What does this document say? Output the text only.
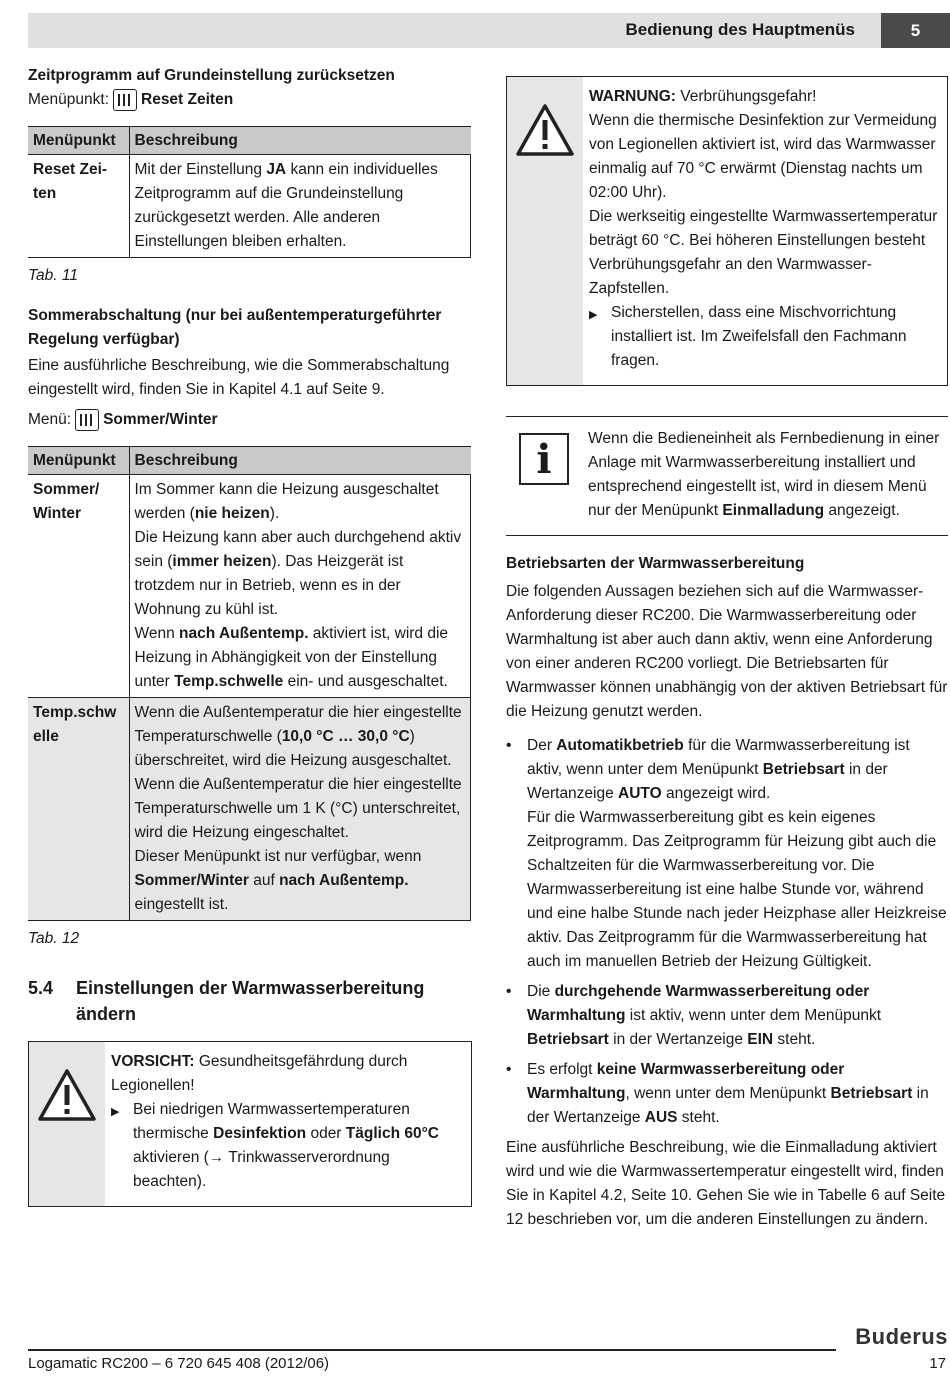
Bedienung des Hauptmenüs	5
Zeitprogramm auf Grundeinstellung zurücksetzen
Menüpunkt: Reset Zeiten
Menüpunkt	Beschreibung
Reset Zei-ten	Mit der Einstellung JA kann ein individuelles Zeitprogramm auf die Grundeinstellung zurückgesetzt werden. Alle anderen Einstellungen bleiben erhalten.
Tab. 11
Sommerabschaltung (nur bei außentemperaturgeführter Regelung verfügbar)
Eine ausführliche Beschreibung, wie die Sommerabschaltung eingestellt wird, finden Sie in Kapitel 4.1 auf Seite 9.
Menü: Sommer/Winter
Menüpunkt	Beschreibung
Sommer/ Winter	Im Sommer kann die Heizung ausgeschaltet werden (nie heizen).
Die Heizung kann aber auch durchgehend aktiv sein (immer heizen). Das Heizgerät ist trotzdem nur in Betrieb, wenn es in der Wohnung zu kühl ist.
Wenn nach Außentemp. aktiviert ist, wird die Heizung in Abhängigkeit von der Einstellung unter Temp.schwelle ein- und ausgeschaltet.
Temp.schw elle	Wenn die Außentemperatur die hier eingestellte Temperaturschwelle (10,0 °C … 30,0 °C) überschreitet, wird die Heizung ausgeschaltet.
Wenn die Außentemperatur die hier eingestellte Temperaturschwelle um 1 K (°C) unterschreitet, wird die Heizung eingeschaltet.
Dieser Menüpunkt ist nur verfügbar, wenn Sommer/Winter auf nach Außentemp. eingestellt ist.
Tab. 12
5.4	Einstellungen der Warmwasserbereitung ändern
VORSICHT: Gesundheitsgefährdung durch Legionellen!
▶ Bei niedrigen Warmwassertemperaturen thermische Desinfektion oder Täglich 60°C aktivieren (→ Trinkwasserverordnung beachten).
WARNUNG: Verbrühungsgefahr!
Wenn die thermische Desinfektion zur Vermeidung von Legionellen aktiviert ist, wird das Warmwasser einmalig auf 70 °C erwärmt (Dienstag nachts um 02:00 Uhr).
Die werkseitig eingestellte Warmwassertemperatur beträgt 60 °C. Bei höheren Einstellungen besteht Verbrühungsgefahr an den Warmwasser-Zapfstellen.
▶ Sicherstellen, dass eine Mischvorrichtung installiert ist. Im Zweifelsfall den Fachmann fragen.
i	Wenn die Bedieneinheit als Fernbedienung in einer Anlage mit Warmwasserbereitung installiert und entsprechend eingestellt ist, wird in diesem Menü nur der Menüpunkt Einmalladung angezeigt.
Betriebsarten der Warmwasserbereitung
Die folgenden Aussagen beziehen sich auf die Warmwasser-Anforderung dieser RC200. Die Warmwasserbereitung oder Warmhaltung ist aber auch dann aktiv, wenn eine Anforderung von einer anderen RC200 vorliegt. Die Betriebsarten für Warmwasser können unabhängig von der aktiven Betriebsart für die Heizung genutzt werden.
•	Der Automatikbetrieb für die Warmwasserbereitung ist aktiv, wenn unter dem Menüpunkt Betriebsart in der Wertanzeige AUTO angezeigt wird.
Für die Warmwasserbereitung gibt es kein eigenes Zeitprogramm. Das Zeitprogramm für Heizung gibt auch die Schaltzeiten für die Warmwasserbereitung vor. Die Warmwasserbereitung ist eine halbe Stunde vor, während und eine halbe Stunde nach jeder Heizphase aller Heizkreise aktiv. Das Zeitprogramm für die Warmwasserbereitung hat auch im manuellen Betrieb der Heizung Gültigkeit.
•	Die durchgehende Warmwasserbereitung oder Warmhaltung ist aktiv, wenn unter dem Menüpunkt Betriebsart in der Wertanzeige EIN steht.
•	Es erfolgt keine Warmwasserbereitung oder Warmhaltung, wenn unter dem Menüpunkt Betriebsart in der Wertanzeige AUS steht.
Eine ausführliche Beschreibung, wie die Einmalladung aktiviert wird und wie die Warmwassertemperatur eingestellt wird, finden Sie in Kapitel 4.2, Seite 10. Gehen Sie wie in Tabelle 6 auf Seite 12 beschrieben vor, um die anderen Einstellungen zu ändern.
Buderus
Logamatic RC200 – 6 720 645 408 (2012/06)	17
